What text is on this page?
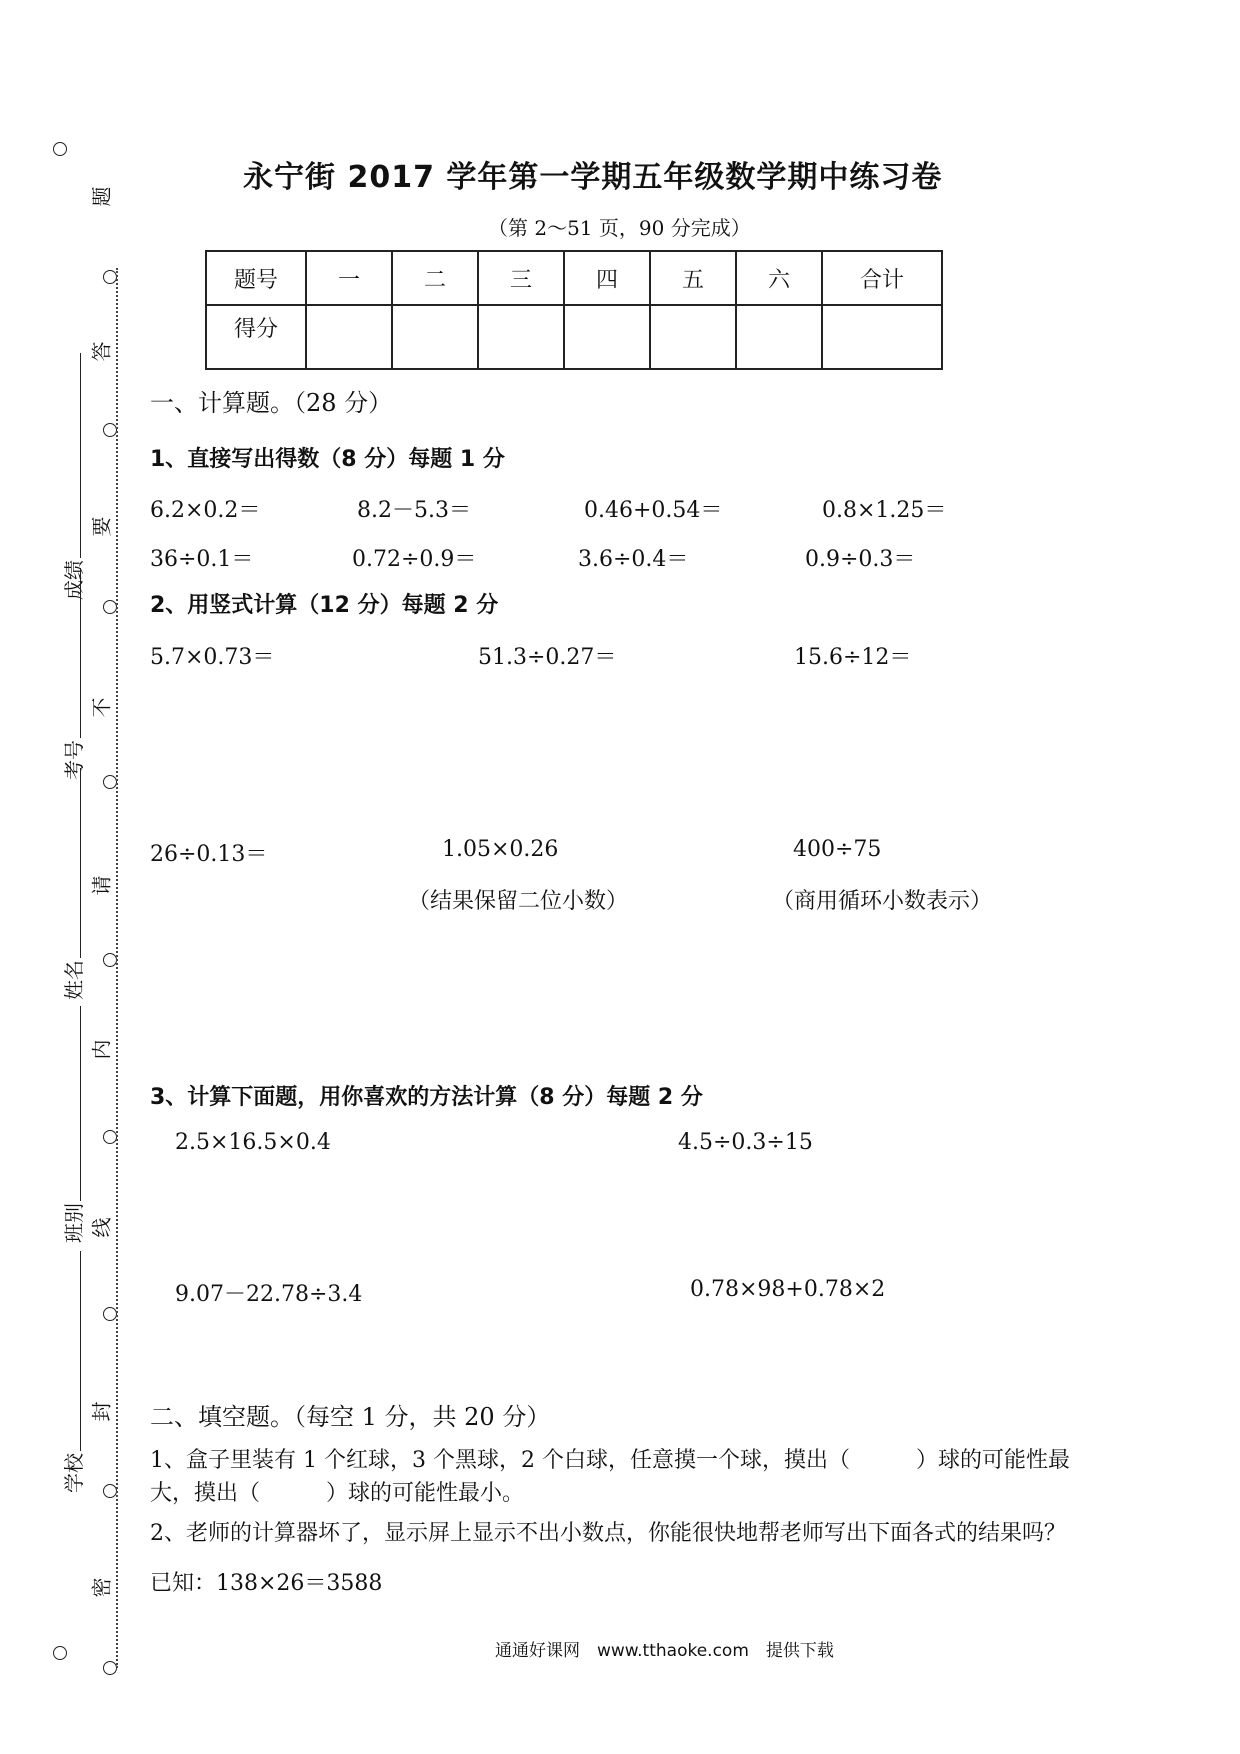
题
答
要
不
请
内
线
封
密
成绩
考号
姓名
班别
学校
永宁街 2017 学年第一学期五年级数学期中练习卷
（第 2～51 页，90 分完成）
题号	一	二	三	四	五	六	合计
得分							
一、计算题。（28 分）
1、直接写出得数（8 分）每题 1 分
6.2×0.2＝	8.2－5.3＝	0.46+0.54＝	0.8×1.25＝
36÷0.1＝	0.72÷0.9＝	3.6÷0.4＝	0.9÷0.3＝
2、用竖式计算（12 分）每题 2 分
5.7×0.73＝	51.3÷0.27＝	15.6÷12＝
26÷0.13＝	1.05×0.26	400÷75
（结果保留二位小数）	（商用循环小数表示）
3、计算下面题，用你喜欢的方法计算（8 分）每题 2 分
2.5×16.5×0.4	4.5÷0.3÷15
9.07－22.78÷3.4	0.78×98+0.78×2
二、填空题。（每空 1 分，共 20 分）
1、盒子里装有 1 个红球，3 个黑球，2 个白球，任意摸一个球，摸出（　　　）球的可能性最
大，摸出（　　　）球的可能性最小。
2、老师的计算器坏了，显示屏上显示不出小数点，你能很快地帮老师写出下面各式的结果吗？
已知：138×26＝3588
通通好课网　www.tthaoke.com　提供下载
